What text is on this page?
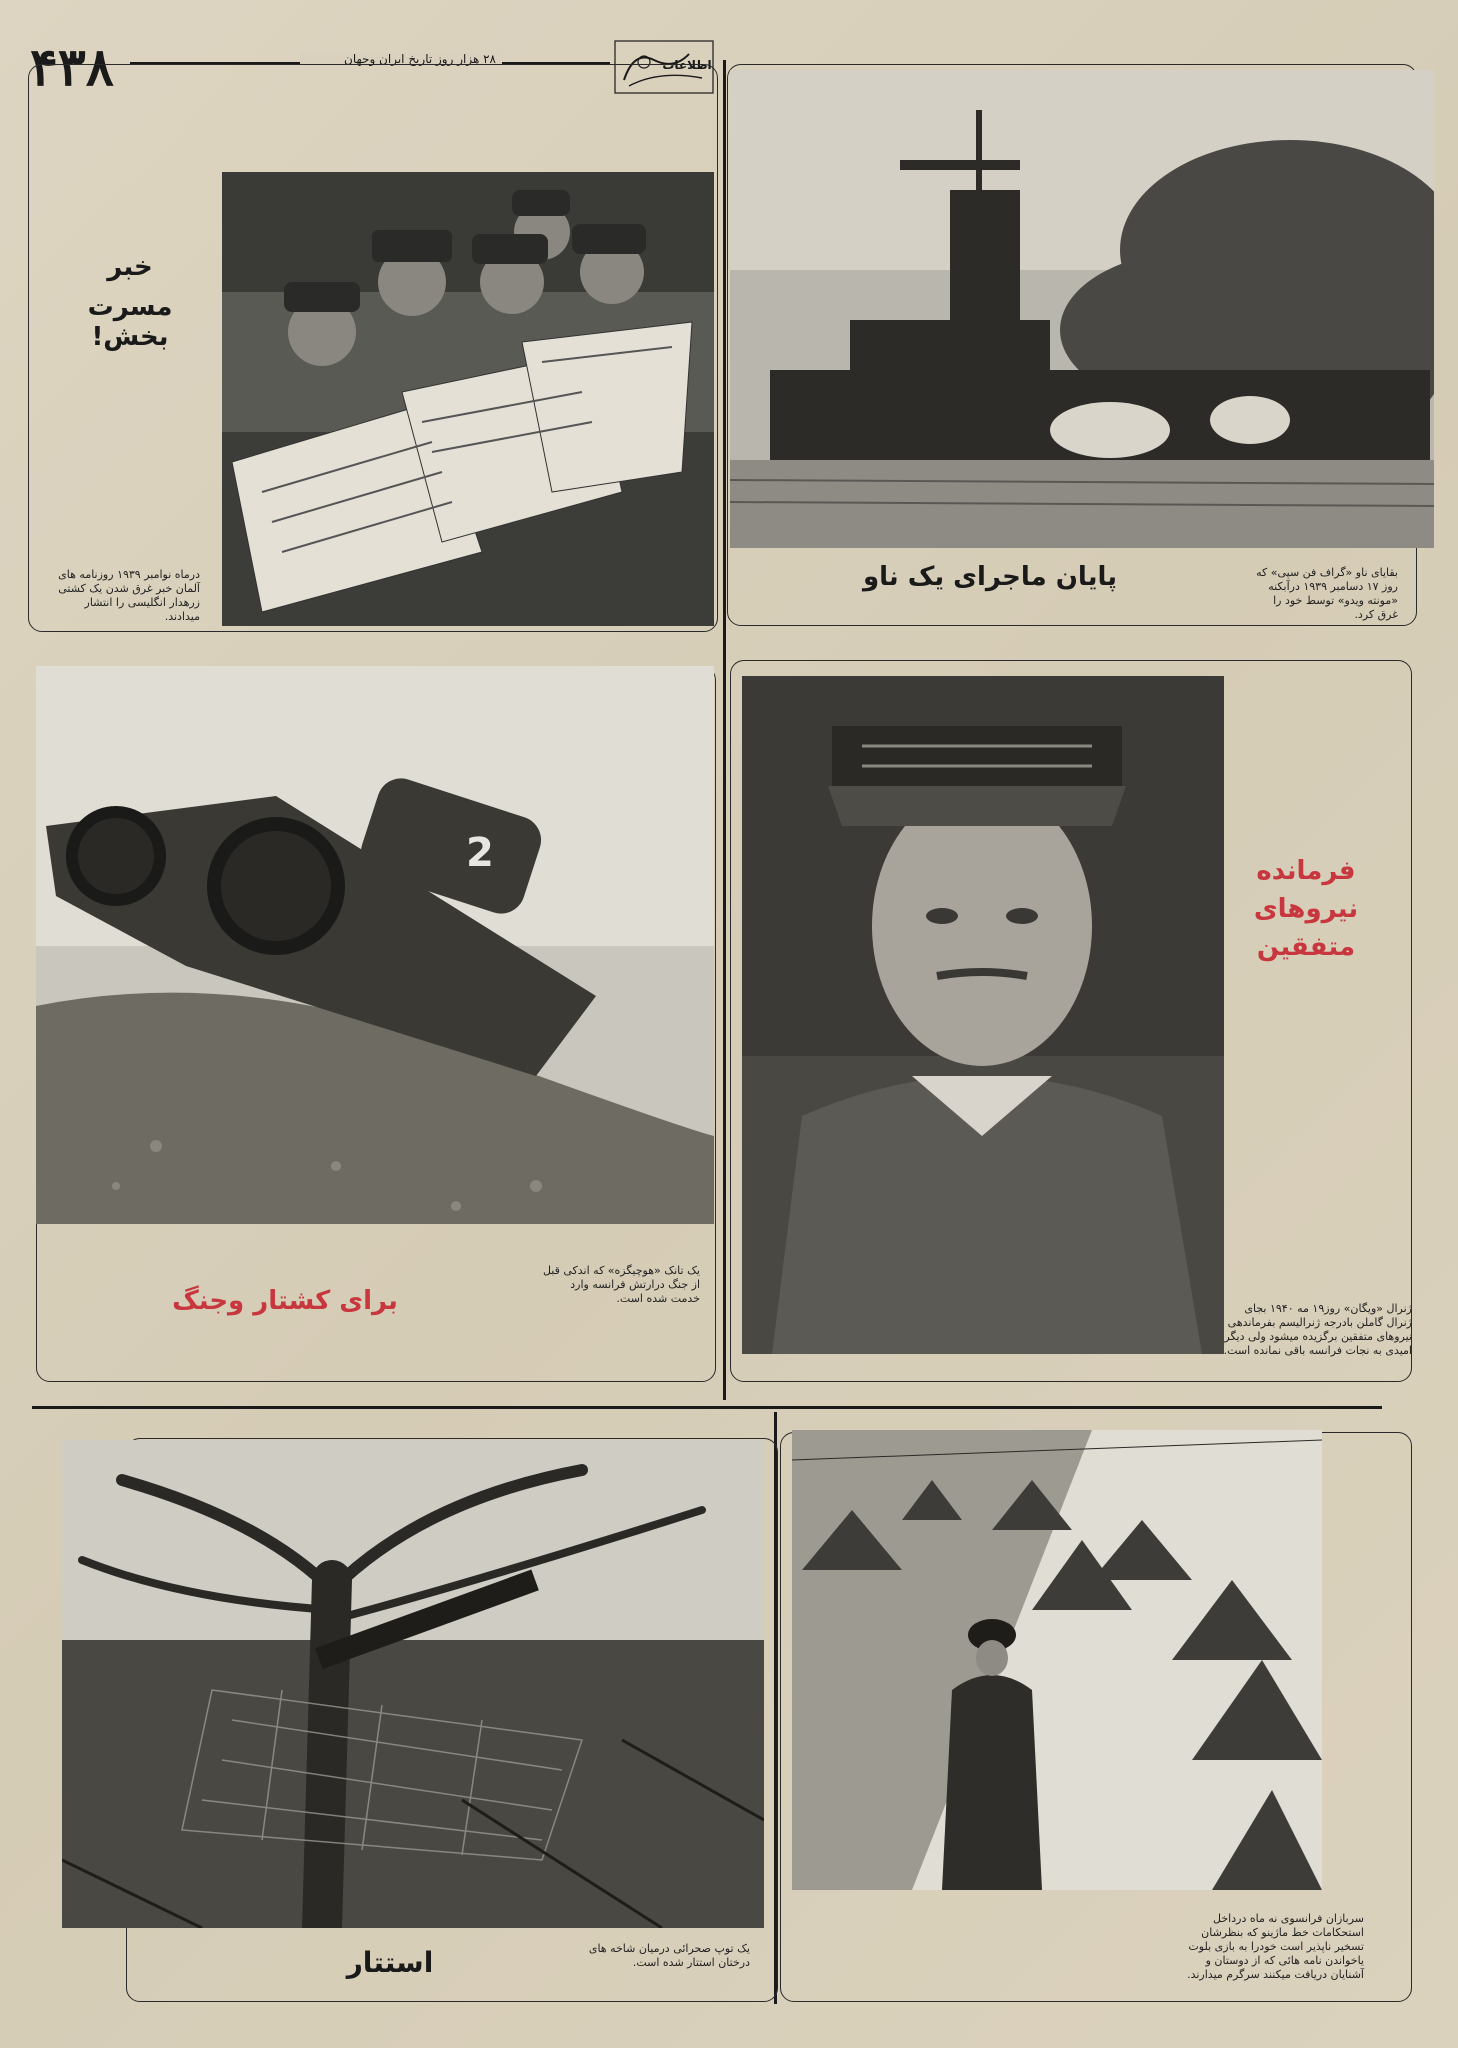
۴۳۸	۲۸ هزار روز تاریخ ایران وجهان	اطلاعات
خبر
مسرت بخش!
درماه نوامبر ۱۹۳۹ روزنامه های آلمان خبر غرق شدن یک کشتی زرهدار انگلیسی را انتشار میدادند.
پایان ماجرای یک ناو	بقایای ناو «گراف فن سپی» که روز ۱۷ دسامبر ۱۹۳۹ درآبکنه «مونته ویدو» توسط خود را غرق کرد.
2
برای کشتار وجنگ
یک تانک «هوچیگزه» که اندکی قبل از جنگ درارتش فرانسه وارد خدمت شده است.
فرمانده
نیروهای
متفقین
ژنرال «ویگان» روز۱۹ مه ۱۹۴۰ بجای ژنرال گاملن بادرجه ژنرالیسم بفرماندهی نیروهای متفقین برگزیده میشود ولی دیگر امیدی به نجات فرانسه باقی نمانده است.
استتار	یک توپ صحرائی درمیان شاخه های درختان استتار شده است.
سربازان فرانسوی نه ماه درداخل استحکامات خط ماژینو که بنظرشان تسخیر ناپذیر است خودرا به بازی بلوت یاخواندن نامه هائی که از دوستان و آشنایان دریافت میکنند سرگرم میدارند.
